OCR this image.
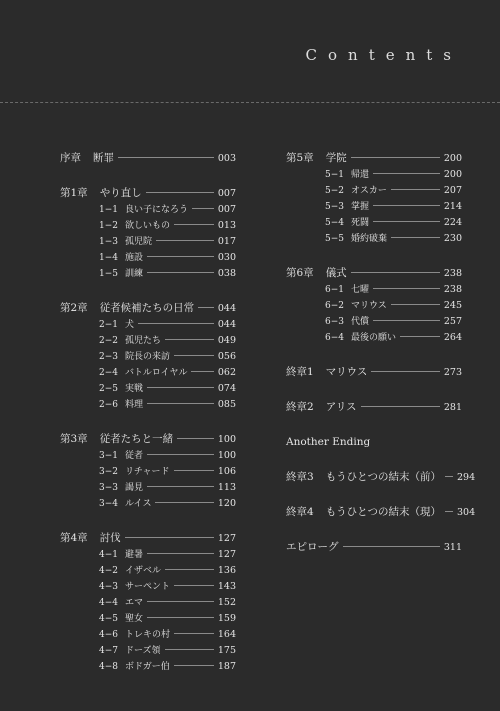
Contents
序章 断罪	003
第1章 やり直し	007
1−1 良い子になろう	007
1−2 欲しいもの	013
1−3 孤児院	017
1−4 施設	030
1−5 訓練	038
第2章 従者候補たちの日常 044
2−1 犬	044
2−2 孤児たち	049
2−3 院長の来訪	056
2−4 バトルロイヤル	062
2−5 実戦	074
2−6 料理	085
第3章 従者たちと一緒	100
3−1 従者	100
3−2 リチャード	106
3−3 謁見	113
3−4 ルイス	120
第4章 討伐	127
4−1 避暑	127
4−2 イザベル	136
4−3 サーペント	143
4−4 エマ	152
4−5 聖女	159
4−6 トレキの村	164
4−7 ドーズ領	175
4−8 ボドガー伯	187
第5章 学院	200
5−1 帰還	200
5−2 オスカー	207
5−3 掌握	214
5−4 死闘	224
5−5 婚約破棄	230
第6章 儀式	238
6−1 七曜	238
6−2 マリウス	245
6−3 代償	257
6−4 最後の願い	264
終章1 マリウス	273
終章2 アリス	281
Another Ending
終章3 もうひとつの結末（前） 294
終章4 もうひとつの結末（現） 304
エピローグ	311
